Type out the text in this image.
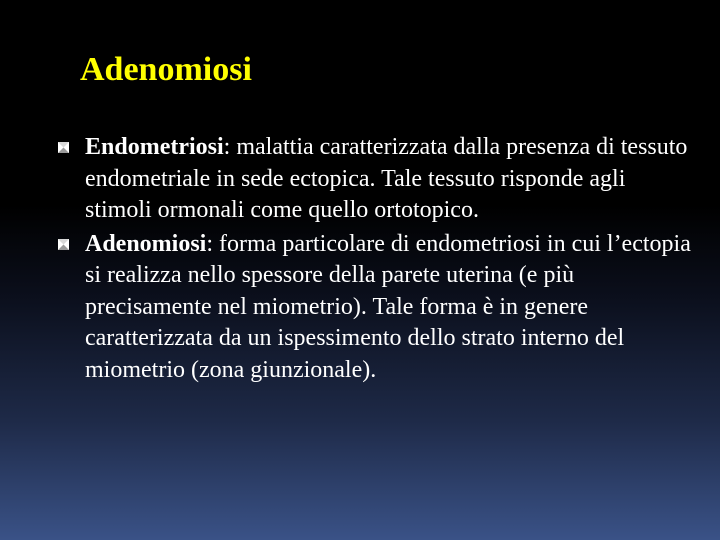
Adenomiosi
Endometriosi: malattia caratterizzata dalla presenza di tessuto endometriale in sede ectopica. Tale tessuto risponde agli stimoli ormonali come quello ortotopico.
Adenomiosi: forma particolare di endometriosi in cui l’ectopia si realizza nello spessore della parete uterina (e più precisamente nel miometrio). Tale forma è in genere caratterizzata da un ispessimento dello strato interno del miometrio (zona giunzionale).
